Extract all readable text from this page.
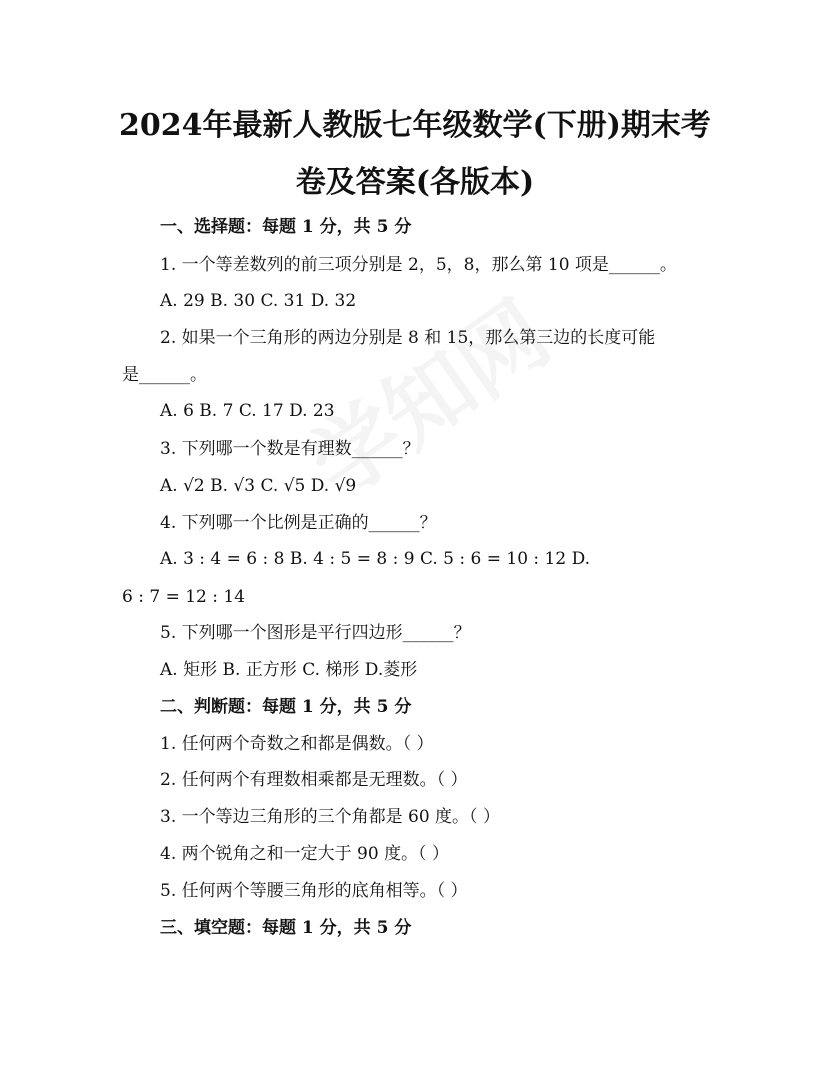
2024年最新人教版七年级数学(下册)期末考
卷及答案(各版本)
一、选择题：每题 1 分，共 5 分
1. 一个等差数列的前三项分别是 2，5，8，那么第 10 项是______。
A. 29 B. 30 C. 31 D. 32
2. 如果一个三角形的两边分别是 8 和 15，那么第三边的长度可能
是______。
A. 6 B. 7 C. 17 D. 23
3. 下列哪一个数是有理数______？
A. √2 B. √3 C. √5 D. √9
4. 下列哪一个比例是正确的______？
A. 3 : 4 = 6 : 8 B. 4 : 5 = 8 : 9 C. 5 : 6 = 10 : 12 D.
6 : 7 = 12 : 14
5. 下列哪一个图形是平行四边形______？
A. 矩形 B. 正方形 C. 梯形 D.菱形
二、判断题：每题 1 分，共 5 分
1. 任何两个奇数之和都是偶数。（ ）
2. 任何两个有理数相乘都是无理数。（ ）
3. 一个等边三角形的三个角都是 60 度。（ ）
4. 两个锐角之和一定大于 90 度。（ ）
5. 任何两个等腰三角形的底角相等。（ ）
三、填空题：每题 1 分，共 5 分
